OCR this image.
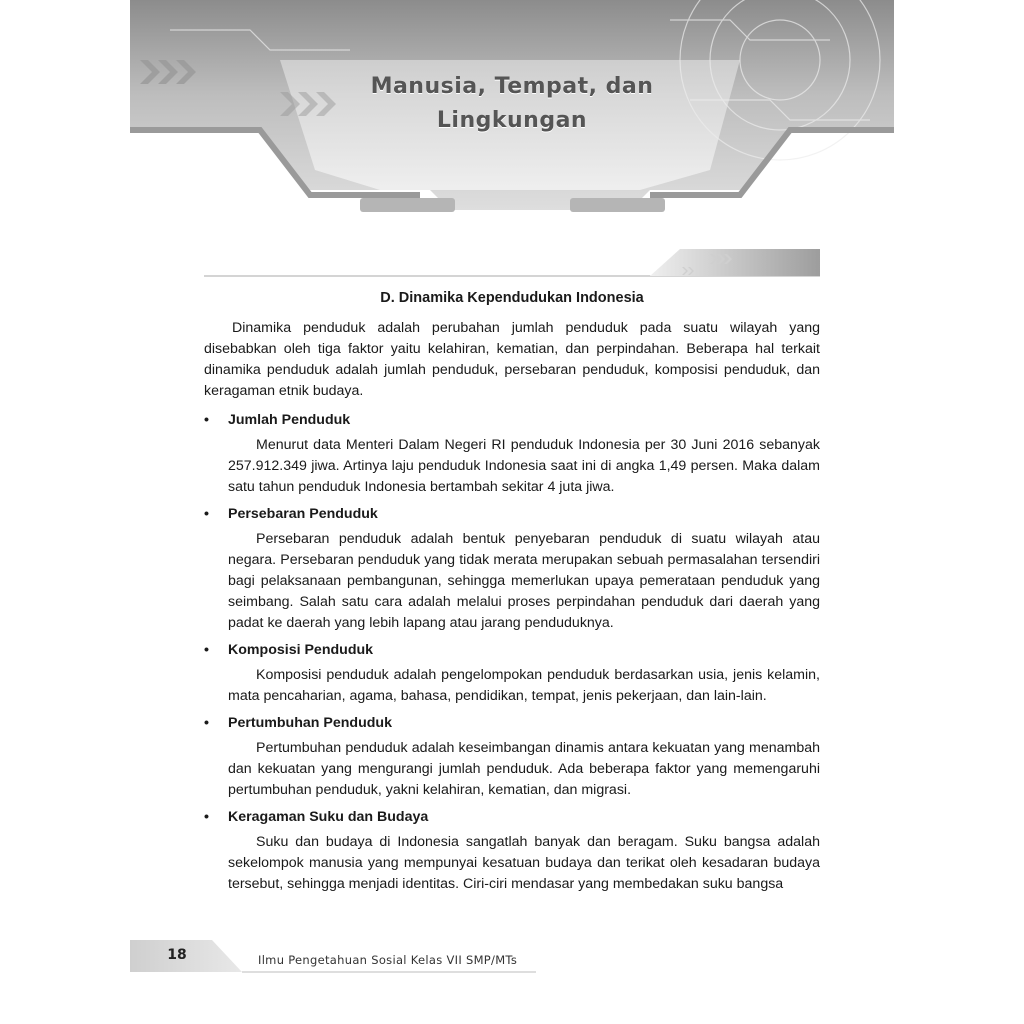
Manusia, Tempat, dan
Lingkungan
D. Dinamika Kependudukan Indonesia

Dinamika penduduk adalah perubahan jumlah penduduk pada suatu wilayah yang disebabkan oleh tiga faktor yaitu kelahiran, kematian, dan perpindahan. Beberapa hal terkait dinamika penduduk adalah jumlah penduduk, persebaran penduduk, komposisi penduduk, dan keragaman etnik budaya.

• Jumlah Penduduk

Menurut data Menteri Dalam Negeri RI penduduk Indonesia per 30 Juni 2016 sebanyak 257.912.349 jiwa. Artinya laju penduduk Indonesia saat ini di angka 1,49 persen. Maka dalam satu tahun penduduk Indonesia bertambah sekitar 4 juta jiwa.

• Persebaran Penduduk

Persebaran penduduk adalah bentuk penyebaran penduduk di suatu wilayah atau negara. Persebaran penduduk yang tidak merata merupakan sebuah permasalahan tersendiri bagi pelaksanaan pembangunan, sehingga memerlukan upaya pemerataan penduduk yang seimbang. Salah satu cara adalah melalui proses perpindahan penduduk dari daerah yang padat ke daerah yang lebih lapang atau jarang penduduknya.

• Komposisi Penduduk

Komposisi penduduk adalah pengelompokan penduduk berdasarkan usia, jenis kelamin, mata pencaharian, agama, bahasa, pendidikan, tempat, jenis pekerjaan, dan lain-lain.

• Pertumbuhan Penduduk

Pertumbuhan penduduk adalah keseimbangan dinamis antara kekuatan yang menambah dan kekuatan yang mengurangi jumlah penduduk. Ada beberapa faktor yang memengaruhi pertumbuhan penduduk, yakni kelahiran, kematian, dan migrasi.

• Keragaman Suku dan Budaya

Suku dan budaya di Indonesia sangatlah banyak dan beragam. Suku bangsa adalah sekelompok manusia yang mempunyai kesatuan budaya dan terikat oleh kesadaran budaya tersebut, sehingga menjadi identitas. Ciri-ciri mendasar yang membedakan suku bangsa

18	Ilmu Pengetahuan Sosial Kelas VII SMP/MTs
